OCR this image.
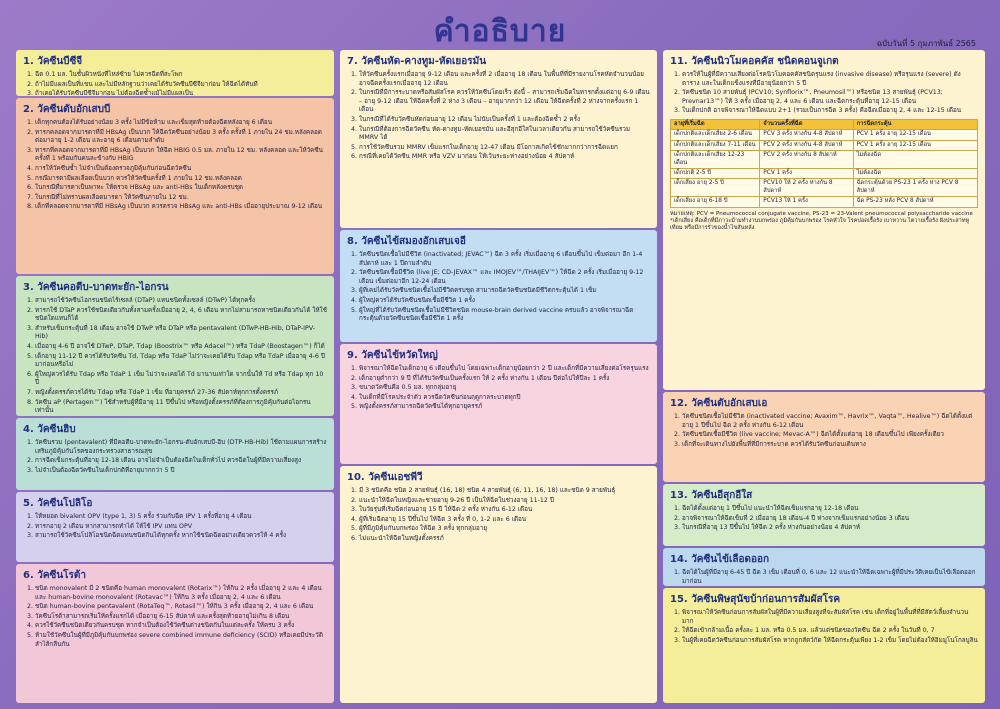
คำอธิบาย	ฉบับวันที่ 5 กุมภาพันธ์ 2565
1. วัคซีนบีซีจี
1. ฉีด 0.1 มล. ในชั้นผิวหนังที่ไหล่ซ้าย ไม่ควรฉีดที่สะโพก
2. ถ้าไม่มีแผลเป็นที่แขน และไม่มีหลักฐานว่าเคยได้รับวัคซีนบีซีจีมาก่อน ให้ฉีดได้ทันที
3. ถ้าเคยได้รับวัคซีนบีซีจีมาก่อน ไม่ต้องฉีดซ้ำแม้ไม่มีแผลเป็น
2. วัคซีนตับอักเสบบี
1. เด็กทุกคนต้องได้รับอย่างน้อย 3 ครั้ง ไม่มีข้อห้าม และเข็มสุดท้ายต้องฉีดหลังอายุ 6 เดือน
2. ทารกคลอดจากมารดาที่มี HBsAg เป็นบวก ให้ฉีดวัคซีนอย่างน้อย 3 ครั้ง ครั้งที่ 1 ภายใน 24 ชม.หลังคลอด ต่อมาอายุ 1-2 เดือน และอายุ 6 เดือนตามลำดับ
3. ทารกที่คลอดจากมารดาที่มี HBsAg เป็นบวก ให้ฉีด HBIG 0.5 มล. ภายใน 12 ชม. หลังคลอด และให้วัคซีนครั้งที่ 1 พร้อมกันคนละข้างกับ HBIG
4. การให้วัคซีนซ้ำ ไม่จำเป็นต้องตรวจภูมิคุ้มกันก่อนฉีดวัคซีน
5. กรณีมารดามีผลเลือดเป็นบวก ควรให้วัคซีนครั้งที่ 1 ภายใน 12 ชม.หลังคลอด
6. ในกรณีที่มารดาเป็นพาหะ ให้ตรวจ HBsAg และ anti-HBs ในเด็กหลังครบชุด
7. ในกรณีที่ไม่ทราบผลเลือดมารดา ให้วัคซีนภายใน 12 ชม.
8. เด็กที่คลอดจากมารดาที่มี HBsAg เป็นบวก ควรตรวจ HBsAg และ anti-HBs เมื่ออายุประมาณ 9-12 เดือน
3. วัคซีนคอตีบ-บาดทะยัก-ไอกรน
1. สามารถใช้วัคซีนไอกรนชนิดไร้เซลล์ (DTaP) แทนชนิดทั้งเซลล์ (DTwP) ได้ทุกครั้ง
2. ทารกใช้ DTaP ควรใช้ชนิดเดียวกันทั้งสามครั้งเมื่ออายุ 2, 4, 6 เดือน หากไม่สามารถหาชนิดเดียวกันได้ ให้ใช้ชนิดใดแทนก็ได้
3. สำหรับเข็มกระตุ้นที่ 18 เดือน อาจใช้ DTwP หรือ DTaP หรือ pentavalent (DTwP-HB-Hib, DTaP-IPV-Hib)
4. เมื่ออายุ 4-6 ปี อาจใช้ DTwP, DTaP, Tdap (Boostrix™ หรือ Adacel™) หรือ TdaP (Boostagen™) ก็ได้
5. เด็กอายุ 11-12 ปี ควรได้รับวัคซีน Td, Tdap หรือ TdaP ไม่ว่าจะเคยได้รับ Tdap หรือ TdaP เมื่ออายุ 4-6 ปี มาก่อนหรือไม่
6. ผู้ใหญ่ควรได้รับ Tdap หรือ TdaP 1 เข็ม ไม่ว่าจะเคยได้ Td มานานเท่าใด จากนั้นให้ Td หรือ Tdap ทุก 10 ปี
7. หญิงตั้งครรภ์ควรได้รับ Tdap หรือ TdaP 1 เข็ม ที่อายุครรภ์ 27-36 สัปดาห์ทุกการตั้งครรภ์
8. วัคซีน aP (Pertagen™) ใช้สำหรับผู้ที่มีอายุ 11 ปีขึ้นไป หรือหญิงตั้งครรภ์ที่ต้องการภูมิคุ้มกันต่อไอกรนเท่านั้น
4. วัคซีนฮิบ
1. วัคซีนรวม (pentavalent) ที่มีคอตีบ-บาดทะยัก-ไอกรน-ตับอักเสบบี-ฮิบ (DTP-HB-Hib) ใช้ตามแผนการสร้างเสริมภูมิคุ้มกันโรคของกระทรวงสาธารณสุข
2. การฉีดเข็มกระตุ้นที่อายุ 12-18 เดือน อาจไม่จำเป็นต้องฉีดในเด็กทั่วไป ควรฉีดในผู้ที่มีความเสี่ยงสูง
3. ไม่จำเป็นต้องฉีดวัคซีนในเด็กปกติที่อายุมากกว่า 5 ปี
5. วัคซีนโปลิโอ
1. ให้หยอด bivalent OPV (type 1, 3) 5 ครั้ง ร่วมกับฉีด IPV 1 ครั้งที่อายุ 4 เดือน
2. ทารกอายุ 2 เดือน หากสามารถทำได้ ให้ใช้ IPV แทน OPV
3. สามารถใช้วัคซีนโปลิโอชนิดฉีดแทนชนิดกินได้ทุกครั้ง หากใช้ชนิดฉีดอย่างเดียวควรให้ 4 ครั้ง
6. วัคซีนโรต้า
1. ชนิด monovalent มี 2 ชนิดคือ human monovalent (Rotarix™) ให้กิน 2 ครั้ง เมื่ออายุ 2 และ 4 เดือน และ human-bovine monovalent (Rotavac™) ให้กิน 3 ครั้ง เมื่ออายุ 2, 4 และ 6 เดือน
2. ชนิด human-bovine pentavalent (RotaTeq™, Rotasil™) ให้กิน 3 ครั้ง เมื่ออายุ 2, 4 และ 6 เดือน
3. วัคซีนโรต้าสามารถเริ่มให้ครั้งแรกได้ เมื่ออายุ 6-15 สัปดาห์ และครั้งสุดท้ายอายุไม่เกิน 8 เดือน
4. ควรใช้วัคซีนชนิดเดียวกันครบชุด หากจำเป็นต้องใช้วัคซีนต่างชนิดกันในแต่ละครั้ง ให้ครบ 3 ครั้ง
5. ห้ามใช้วัคซีนในผู้ที่มีภูมิคุ้มกันบกพร่อง severe combined immune deficiency (SCID) หรือเคยมีประวัติลำไส้กลืนกัน
7. วัคซีนหัด-คางทูม-หัดเยอรมัน
1. ให้วัคซีนครั้งแรกเมื่ออายุ 9-12 เดือน และครั้งที่ 2 เมื่ออายุ 18 เดือน ในพื้นที่ที่มีรายงานโรคหัดจำนวนน้อยอาจฉีดครั้งแรกเมื่ออายุ 12 เดือน
2. ในกรณีที่มีการระบาดหรือสัมผัสโรค ควรให้วัคซีนโดยเร็ว ดังนี้ – สามารถเริ่มฉีดในทารกตั้งแต่อายุ 6-9 เดือน – อายุ 9-12 เดือน ให้ฉีดครั้งที่ 2 ห่าง 3 เดือน – อายุมากกว่า 12 เดือน ให้ฉีดครั้งที่ 2 ห่างจากครั้งแรก 1 เดือน
3. ในกรณีที่ได้รับวัคซีนหัดก่อนอายุ 12 เดือน ไม่นับเป็นครั้งที่ 1 และต้องฉีดซ้ำ 2 ครั้ง
4. ในกรณีที่ต้องการฉีดวัคซีน หัด-คางทูม-หัดเยอรมัน และอีสุกอีใสในเวลาเดียวกัน สามารถใช้วัคซีนรวม MMRV ได้
5. การใช้วัคซีนรวม MMRV เข็มแรกในเด็กอายุ 12-47 เดือน มีโอกาสเกิดไข้ชักมากกว่าการฉีดแยก
6. กรณีที่เคยได้วัคซีน MMR หรือ VZV มาก่อน ให้เว้นระยะห่างอย่างน้อย 4 สัปดาห์
8. วัคซีนไข้สมองอักเสบเจอี
1. วัคซีนชนิดเชื้อไม่มีชีวิต (inactivated; JEVAC™) ฉีด 3 ครั้ง เริ่มเมื่ออายุ 6 เดือนขึ้นไป เข็มต่อมา อีก 1-4 สัปดาห์ และ 1 ปีตามลำดับ
2. วัคซีนชนิดเชื้อมีชีวิต (live JE; CD-JEVAX™ และ IMOJEV™/THAIJEV™) ให้ฉีด 2 ครั้ง เริ่มเมื่ออายุ 9-12 เดือน เข็มต่อมาอีก 12-24 เดือน
3. ผู้ที่เคยได้รับวัคซีนชนิดเชื้อไม่มีชีวิตครบชุด สามารถฉีดวัคซีนชนิดมีชีวิตกระตุ้นได้ 1 เข็ม
4. ผู้ใหญ่ควรได้รับวัคซีนชนิดเชื้อมีชีวิต 1 ครั้ง
5. ผู้ใหญ่ที่ได้รับวัคซีนชนิดเชื้อไม่มีชีวิตชนิด mouse-brain derived vaccine ครบแล้ว อาจพิจารณาฉีดกระตุ้นด้วยวัคซีนชนิดเชื้อมีชีวิต 1 ครั้ง
9. วัคซีนไข้หวัดใหญ่
1. พิจารณาให้ฉีดในเด็กอายุ 6 เดือนขึ้นไป โดยเฉพาะเด็กอายุน้อยกว่า 2 ปี และเด็กที่มีความเสี่ยงต่อโรครุนแรง
2. เด็กอายุต่ำกว่า 9 ปี ที่ได้รับวัคซีนเป็นครั้งแรก ให้ 2 ครั้ง ห่างกัน 1 เดือน ปีต่อไปให้ปีละ 1 ครั้ง
3. ขนาดวัคซีนคือ 0.5 มล. ทุกกลุ่มอายุ
4. ในเด็กที่มีโรคประจำตัว ควรฉีดวัคซีนก่อนฤดูกาลระบาดทุกปี
5. หญิงตั้งครรภ์สามารถฉีดวัคซีนได้ทุกอายุครรภ์
10. วัคซีนเอชพีวี
1. มี 3 ชนิดคือ ชนิด 2 สายพันธุ์ (16, 18) ชนิด 4 สายพันธุ์ (6, 11, 16, 18) และชนิด 9 สายพันธุ์
2. แนะนำให้ฉีดในหญิงและชายอายุ 9-26 ปี เป็นให้ฉีดในช่วงอายุ 11-12 ปี
3. ในวัยรุ่นที่เริ่มฉีดก่อนอายุ 15 ปี ให้ฉีด 2 ครั้ง ห่างกัน 6-12 เดือน
4. ผู้ที่เริ่มฉีดอายุ 15 ปีขึ้นไป ให้ฉีด 3 ครั้ง ที่ 0, 1-2 และ 6 เดือน
5. ผู้ที่มีภูมิคุ้มกันบกพร่อง ให้ฉีด 3 ครั้ง ทุกกลุ่มอายุ
6. ไม่แนะนำให้ฉีดในหญิงตั้งครรภ์
11. วัคซีนนิวโมคอคคัส ชนิดคอนจูเกต
1. ควรให้ในผู้ที่มีความเสี่ยงต่อโรคนิวโมคอคคัสชนิดรุนแรง (invasive disease) หรือรุนแรง (severe) ดังตาราง และในเด็กแข็งแรงที่มีอายุน้อยกว่า 5 ปี
2. วัคซีนชนิด 10 สายพันธุ์ (PCV10; Synflorix™, Pneumosil™) หรือชนิด 13 สายพันธุ์ (PCV13; Prevnar13™) ให้ 3 ครั้ง เมื่ออายุ 2, 4 และ 6 เดือน และฉีดกระตุ้นที่อายุ 12-15 เดือน
3. ในเด็กปกติ อาจพิจารณาให้ฉีดแบบ 2+1 (รวมเป็นการฉีด 3 ครั้ง) คือฉีดเมื่ออายุ 2, 4 และ 12-15 เดือน
อายุที่เริ่มฉีด	จำนวนครั้งที่ฉีด	การฉีดกระตุ้น
เด็กปกติและเด็กเสี่ยง 2-6 เดือน	PCV 3 ครั้ง ห่างกัน 4-8 สัปดาห์	PCV 1 ครั้ง อายุ 12-15 เดือน
เด็กปกติและเด็กเสี่ยง 7-11 เดือน	PCV 2 ครั้ง ห่างกัน 4-8 สัปดาห์	PCV 1 ครั้ง อายุ 12-15 เดือน
เด็กปกติและเด็กเสี่ยง 12-23 เดือน	PCV 2 ครั้ง ห่างกัน 8 สัปดาห์	ไม่ต้องฉีด
เด็กปกติ 2-5 ปี	PCV 1 ครั้ง	ไม่ต้องฉีด
เด็กเสี่ยง อายุ 2-5 ปี	PCV10 ให้ 2 ครั้ง ห่างกัน 8 สัปดาห์	ฉีดกระตุ้นด้วย PS-23 1 ครั้ง ห่าง PCV 8 สัปดาห์
เด็กเสี่ยง อายุ 6-18 ปี	PCV13 ให้ 1 ครั้ง	ฉีด PS-23 หลัง PCV 8 สัปดาห์
หมายเหตุ: PCV = Pneumococcal conjugate vaccine, PS-23 = 23-Valent pneumococcal polysaccharide vaccine *เด็กเสี่ยง คือเด็กที่มีภาวะม้ามทำงานบกพร่อง ภูมิคุ้มกันบกพร่อง โรคหัวใจ โรคปอดเรื้อรัง เบาหวาน ไตวายเรื้อรัง ฝังประสาทหูเทียม หรือมีการรั่วของน้ำไขสันหลัง
12. วัคซีนตับอักเสบเอ
1. วัคซีนชนิดเชื้อไม่มีชีวิต (inactivated vaccine; Avaxim™, Havrix™, Vaqta™, Healive™) ฉีดได้ตั้งแต่อายุ 1 ปีขึ้นไป ฉีด 2 ครั้ง ห่างกัน 6-12 เดือน
2. วัคซีนชนิดเชื้อมีชีวิต (live vaccine; Mevac-A™) ฉีดได้ตั้งแต่อายุ 18 เดือนขึ้นไป เพียงครั้งเดียว
3. เด็กที่จะเดินทางไปยังพื้นที่ที่มีการระบาด ควรได้รับวัคซีนก่อนเดินทาง
13. วัคซีนอีสุกอีใส
1. ฉีดได้ตั้งแต่อายุ 1 ปีขึ้นไป แนะนำให้ฉีดเข็มแรกอายุ 12-18 เดือน
2. อาจพิจารณาให้ฉีดเข็มที่ 2 เมื่ออายุ 18 เดือน-4 ปี ห่างจากเข็มแรกอย่างน้อย 3 เดือน
3. ในกรณีที่อายุ 13 ปีขึ้นไป ให้ฉีด 2 ครั้ง ห่างกันอย่างน้อย 4 สัปดาห์
14. วัคซีนไข้เลือดออก
1. ฉีดได้ในผู้ที่มีอายุ 6-45 ปี ฉีด 3 เข็ม เดือนที่ 0, 6 และ 12 แนะนำให้ฉีดเฉพาะผู้ที่มีประวัติเคยเป็นไข้เลือดออกมาก่อน
15. วัคซีนพิษสุนัขบ้าก่อนการสัมผัสโรค
1. พิจารณาให้วัคซีนก่อนการสัมผัสในผู้ที่มีความเสี่ยงสูงที่จะสัมผัสโรค เช่น เด็กที่อยู่ในพื้นที่ที่มีสัตว์เลี้ยงจำนวนมาก
2. ให้ฉีดเข้ากล้ามเนื้อ ครั้งละ 1 มล. หรือ 0.5 มล. แล้วแต่ชนิดของวัคซีน ฉีด 2 ครั้ง ในวันที่ 0, 7
3. ในผู้ที่เคยฉีดวัคซีนก่อนการสัมผัสโรค หากถูกสัตว์กัด ให้ฉีดกระตุ้นเพียง 1-2 เข็ม โดยไม่ต้องให้อิมมูโนโกลบูลิน
